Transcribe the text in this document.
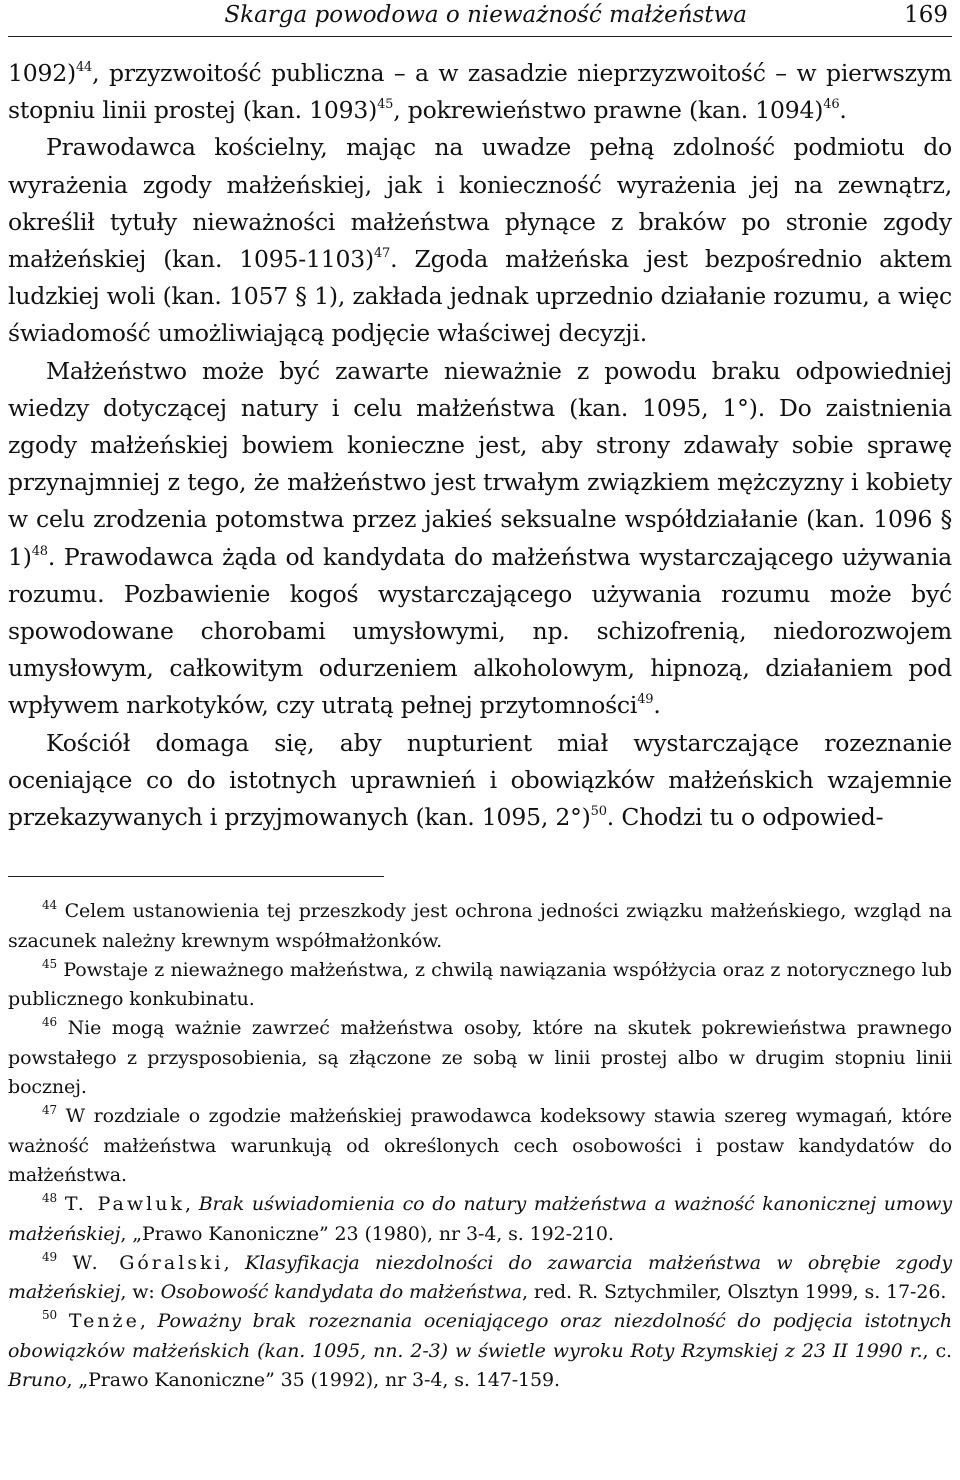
Skarga powodowa o nieważność małżeństwa	169

1092)$^{44}$, przyzwoitość publiczna – a w zasadzie nieprzyzwoitość – w pierwszym stopniu linii prostej (kan. 1093)$^{45}$, pokrewieństwo prawne (kan. 1094)$^{46}$.

Prawodawca kościelny, mając na uwadze pełną zdolność podmiotu do wyrażenia zgody małżeńskiej, jak i konieczność wyrażenia jej na zewnątrz, określił tytuły nieważności małżeństwa płynące z braków po stronie zgody małżeńskiej (kan. 1095-1103)$^{47}$. Zgoda małżeńska jest bezpośrednio aktem ludzkiej woli (kan. 1057 § 1), zakłada jednak uprzednio działanie rozumu, a więc świadomość umożliwiającą podjęcie właściwej decyzji.

Małżeństwo może być zawarte nieważnie z powodu braku odpowiedniej wiedzy dotyczącej natury i celu małżeństwa (kan. 1095, 1°). Do zaistnienia zgody małżeńskiej bowiem konieczne jest, aby strony zdawały sobie sprawę przynajmniej z tego, że małżeństwo jest trwałym związkiem mężczyzny i kobiety w celu zrodzenia potomstwa przez jakieś seksualne współdziałanie (kan. 1096 § 1)$^{48}$. Prawodawca żąda od kandydata do małżeństwa wystarczającego używania rozumu. Pozbawienie kogoś wystarczającego używania rozumu może być spowodowane chorobami umysłowymi, np. schizofrenią, niedorozwojem umysłowym, całkowitym odurzeniem alkoholowym, hipnozą, działaniem pod wpływem narkotyków, czy utratą pełnej przytomności$^{49}$.

Kościół domaga się, aby nupturient miał wystarczające rozeznanie oceniające co do istotnych uprawnień i obowiązków małżeńskich wzajemnie przekazywanych i przyjmowanych (kan. 1095, 2°)$^{50}$. Chodzi tu o odpowied-

$^{44}$ Celem ustanowienia tej przeszkody jest ochrona jedności związku małżeńskiego, wzgląd na szacunek należny krewnym współmałżonków.

$^{45}$ Powstaje z nieważnego małżeństwa, z chwilą nawiązania współżycia oraz z notorycznego lub publicznego konkubinatu.

$^{46}$ Nie mogą ważnie zawrzeć małżeństwa osoby, które na skutek pokrewieństwa prawnego powstałego z przysposobienia, są złączone ze sobą w linii prostej albo w drugim stopniu linii bocznej.

$^{47}$ W rozdziale o zgodzie małżeńskiej prawodawca kodeksowy stawia szereg wymagań, które ważność małżeństwa warunkują od określonych cech osobowości i postaw kandydatów do małżeństwa.

$^{48}$ T. Pawluk, Brak uświadomienia co do natury małżeństwa a ważność kanonicznej umowy małżeńskiej, „Prawo Kanoniczne” 23 (1980), nr 3-4, s. 192-210.

$^{49}$ W. Góralski, Klasyfikacja niezdolności do zawarcia małżeństwa w obrębie zgody małżeńskiej, w: Osobowość kandydata do małżeństwa, red. R. Sztychmiler, Olsztyn 1999, s. 17-26.

$^{50}$ Tenże, Poważny brak rozeznania oceniającego oraz niezdolność do podjęcia istotnych obowiązków małżeńskich (kan. 1095, nn. 2-3) w świetle wyroku Roty Rzymskiej z 23 II 1990 r., c. Bruno, „Prawo Kanoniczne” 35 (1992), nr 3-4, s. 147-159.
